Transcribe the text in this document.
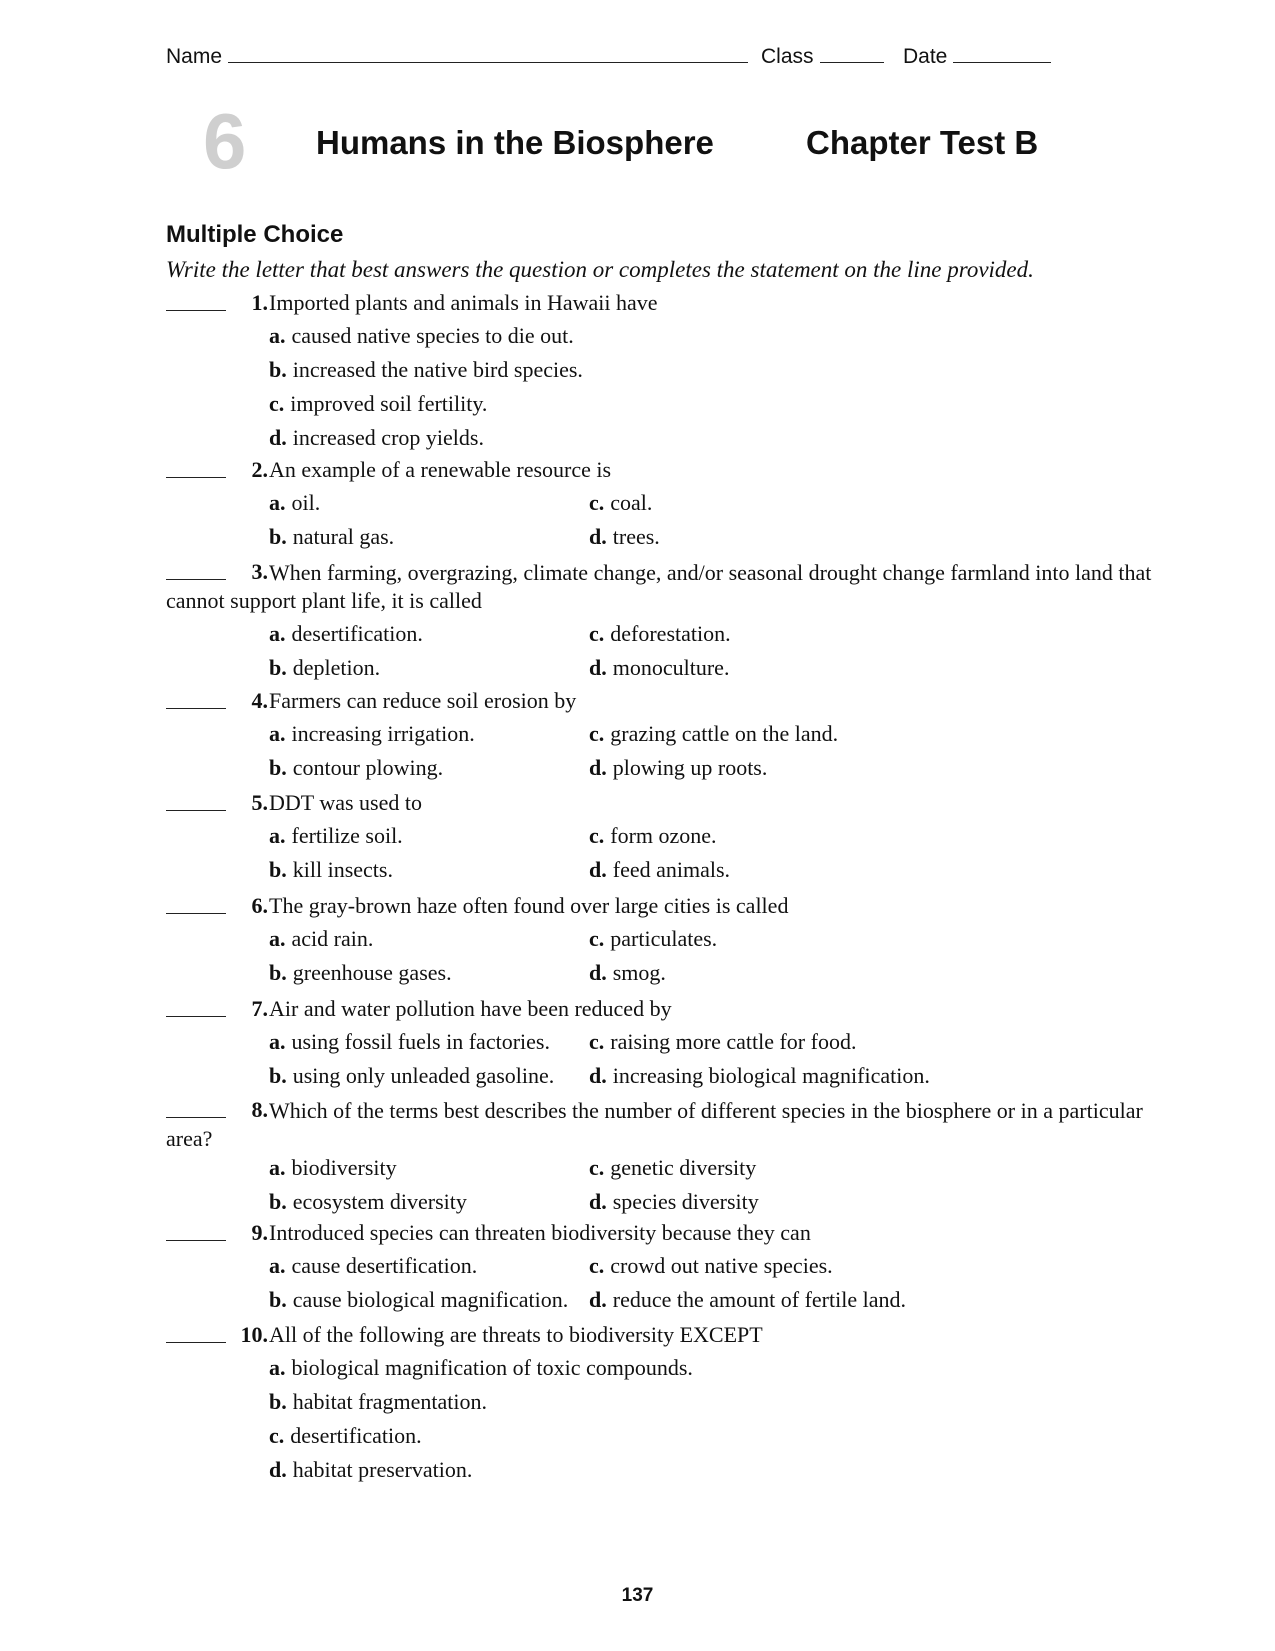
Name	Class	Date
6 Humans in the Biosphere	Chapter Test B
Multiple Choice
Write the letter that best answers the question or completes the statement on the line provided.
1. Imported plants and animals in Hawaii have
a. caused native species to die out.
b. increased the native bird species.
c. improved soil fertility.
d. increased crop yields.
2. An example of a renewable resource is
a. oil.
b. natural gas.
c. coal.
d. trees.
3. When farming, overgrazing, climate change, and/or seasonal drought change farmland into land that cannot support plant life, it is called
a. desertification.
b. depletion.
c. deforestation.
d. monoculture.
4. Farmers can reduce soil erosion by
a. increasing irrigation.
b. contour plowing.
c. grazing cattle on the land.
d. plowing up roots.
5. DDT was used to
a. fertilize soil.
b. kill insects.
c. form ozone.
d. feed animals.
6. The gray-brown haze often found over large cities is called
a. acid rain.
b. greenhouse gases.
c. particulates.
d. smog.
7. Air and water pollution have been reduced by
a. using fossil fuels in factories.
b. using only unleaded gasoline.
c. raising more cattle for food.
d. increasing biological magnification.
8. Which of the terms best describes the number of different species in the biosphere or in a particular area?
a. biodiversity
b. ecosystem diversity
c. genetic diversity
d. species diversity
9. Introduced species can threaten biodiversity because they can
a. cause desertification.
b. cause biological magnification.
c. crowd out native species.
d. reduce the amount of fertile land.
10. All of the following are threats to biodiversity EXCEPT
a. biological magnification of toxic compounds.
b. habitat fragmentation.
c. desertification.
d. habitat preservation.
137
